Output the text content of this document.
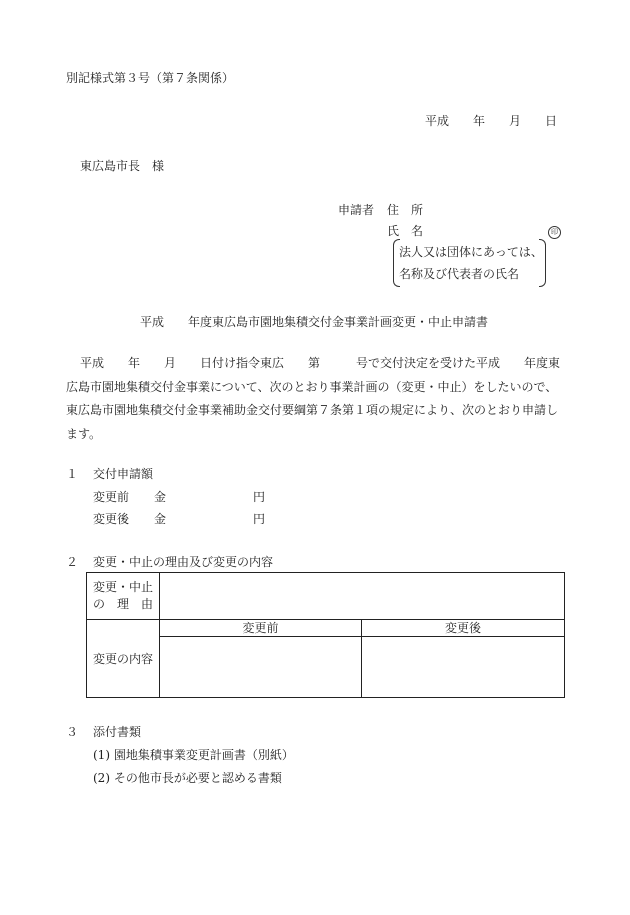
別記様式第３号（第７条関係）
平成　　年　　月　　日
東広島市長　様
申請者 住　所
氏　名	印
法人又は団体にあっては、
名称及び代表者の氏名
平成　　年度東広島市園地集積交付金事業計画変更・中止申請書
平成　　年　　月　　日付け指令東広　　第　　　号で交付決定を受けた平成　　年度東
広島市園地集積交付金事業について、次のとおり事業計画の（変更・中止）をしたいので、
東広島市園地集積交付金事業補助金交付要綱第７条第１項の規定により、次のとおり申請し
ます。
１ 交付申請額
変更前 金	円
変更後 金	円
２ 変更・中止の理由及び変更の内容
変更・中止
の　理　由		

変更の内容	変更前	変更後

３ 添付書類
(1) 園地集積事業変更計画書（別紙）
(2) その他市長が必要と認める書類
